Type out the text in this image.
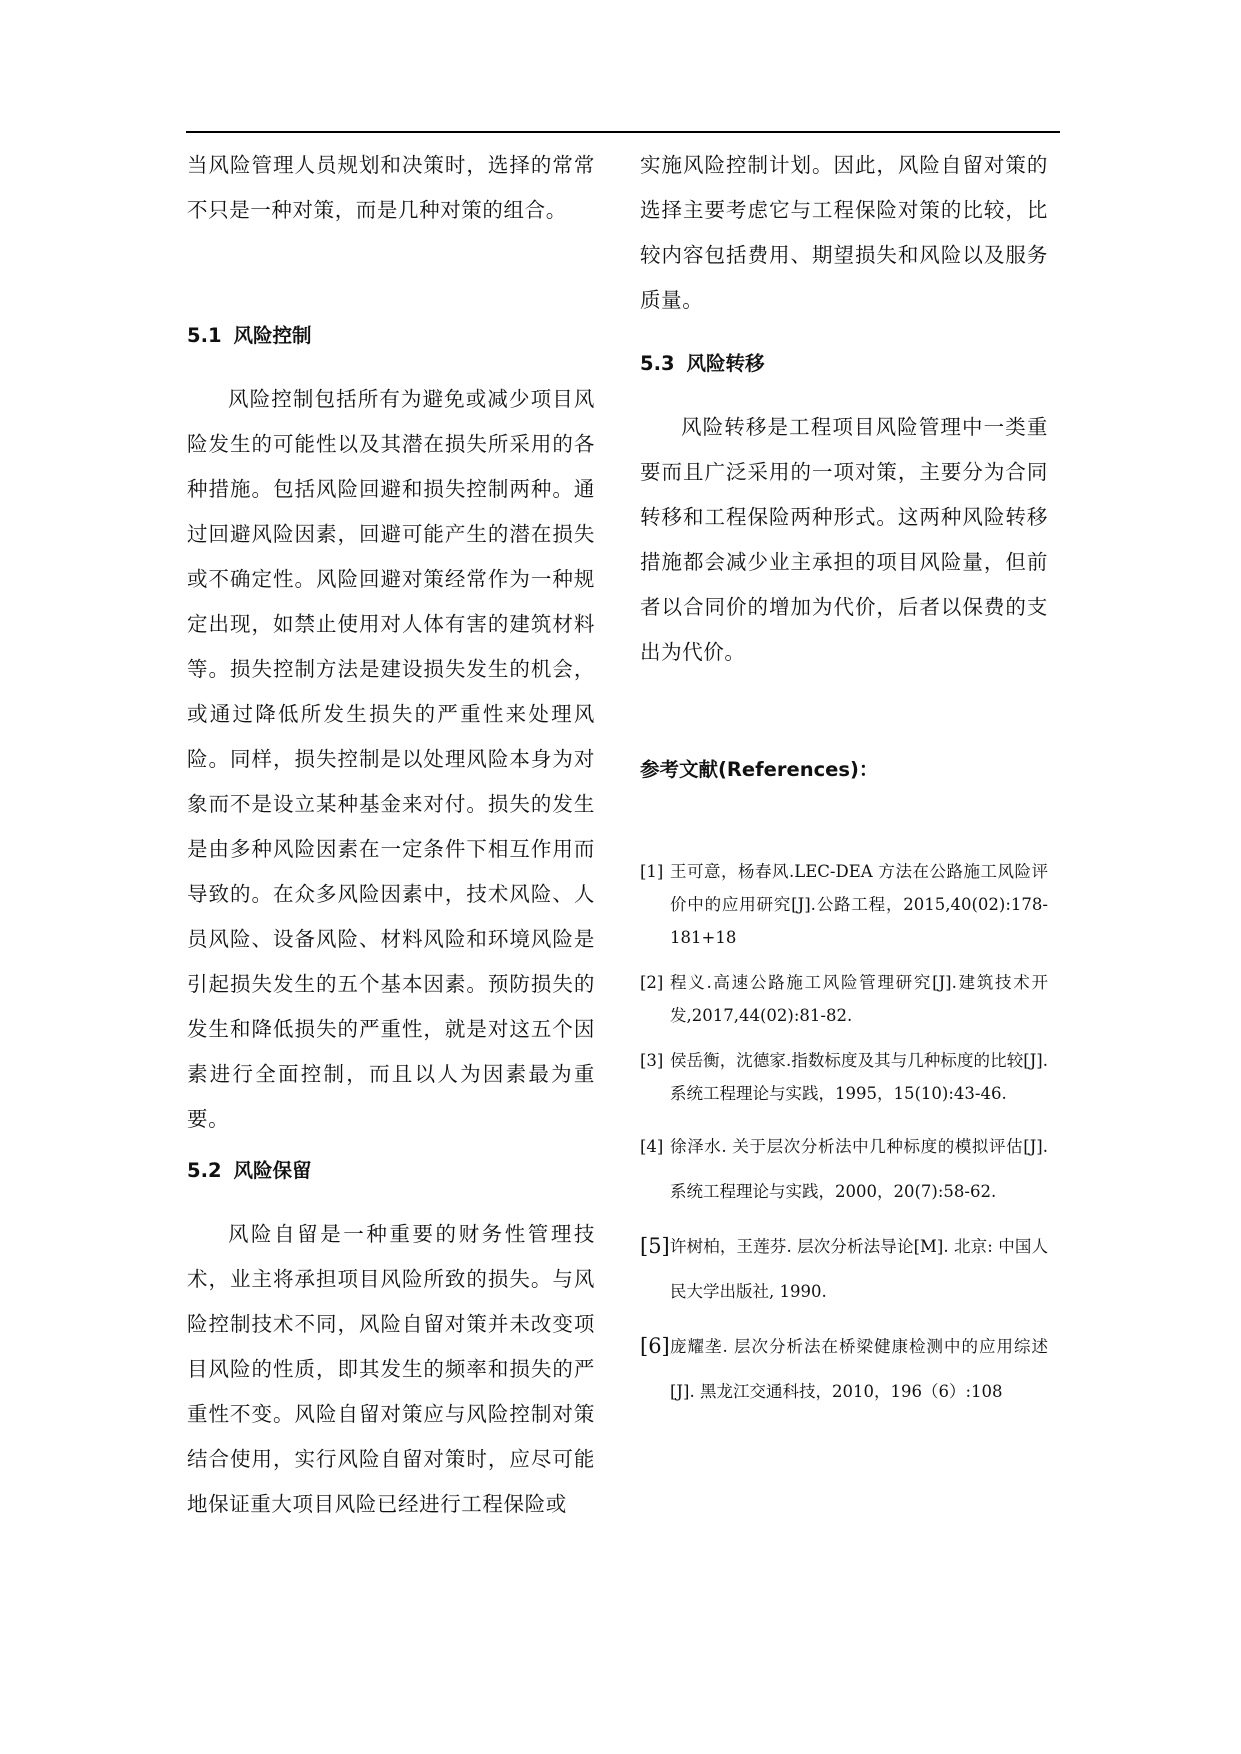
当风险管理人员规划和决策时，选择的常常不只是一种对策，而是几种对策的组合。

5.1 风险控制

风险控制包括所有为避免或减少项目风险发生的可能性以及其潜在损失所采用的各种措施。包括风险回避和损失控制两种。通过回避风险因素，回避可能产生的潜在损失或不确定性。风险回避对策经常作为一种规定出现，如禁止使用对人体有害的建筑材料等。损失控制方法是建设损失发生的机会，或通过降低所发生损失的严重性来处理风险。同样，损失控制是以处理风险本身为对象而不是设立某种基金来对付。损失的发生是由多种风险因素在一定条件下相互作用而导致的。在众多风险因素中，技术风险、人员风险、设备风险、材料风险和环境风险是引起损失发生的五个基本因素。预防损失的发生和降低损失的严重性，就是对这五个因素进行全面控制，而且以人为因素最为重要。

5.2 风险保留

风险自留是一种重要的财务性管理技术，业主将承担项目风险所致的损失。与风险控制技术不同，风险自留对策并未改变项目风险的性质，即其发生的频率和损失的严重性不变。风险自留对策应与风险控制对策结合使用，实行风险自留对策时，应尽可能地保证重大项目风险已经进行工程保险或

实施风险控制计划。因此，风险自留对策的选择主要考虑它与工程保险对策的比较，比较内容包括费用、期望损失和风险以及服务质量。

5.3 风险转移

风险转移是工程项目风险管理中一类重要而且广泛采用的一项对策，主要分为合同转移和工程保险两种形式。这两种风险转移措施都会减少业主承担的项目风险量，但前者以合同价的增加为代价，后者以保费的支出为代价。

参考文献(References)：
[1] 王可意，杨春风.LEC-DEA 方法在公路施工风险评价中的应用研究[J].公路工程，2015,40(02):178-181+18
[2] 程义.高速公路施工风险管理研究[J].建筑技术开发,2017,44(02):81-82.
[3] 侯岳衡，沈德家.指数标度及其与几种标度的比较[J].系统工程理论与实践，1995，15(10):43-46.
[4] 徐泽水. 关于层次分析法中几种标度的模拟评估[J]. 系统工程理论与实践，2000，20(7):58-62.
[5] 许树柏，王莲芬. 层次分析法导论[M]. 北京: 中国人民大学出版社, 1990.
[6] 庞耀垄. 层次分析法在桥梁健康检测中的应用综述[J]. 黑龙江交通科技，2010，196（6）:108
